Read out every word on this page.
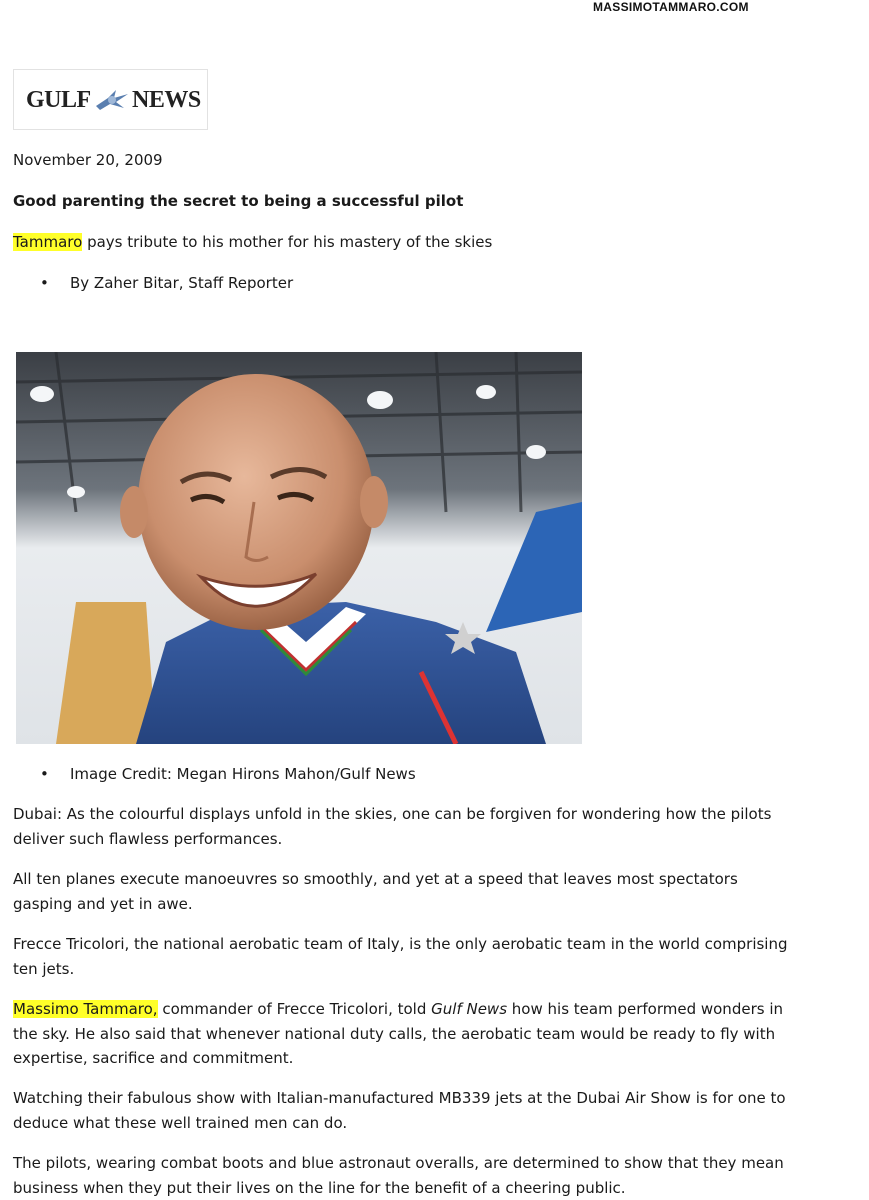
MASSIMOTAMMARO.COM
GULF NEWS
November 20, 2009
Good parenting the secret to being a successful pilot
Tammaro pays tribute to his mother for his mastery of the skies
• By Zaher Bitar, Staff Reporter
• Image Credit: Megan Hirons Mahon/Gulf News
Dubai: As the colourful displays unfold in the skies, one can be forgiven for wondering how the pilots deliver such flawless performances.
All ten planes execute manoeuvres so smoothly, and yet at a speed that leaves most spectators gasping and yet in awe.
Frecce Tricolori, the national aerobatic team of Italy, is the only aerobatic team in the world comprising ten jets.
Massimo Tammaro, commander of Frecce Tricolori, told Gulf News how his team performed wonders in the sky. He also said that whenever national duty calls, the aerobatic team would be ready to fly with expertise, sacrifice and commitment.
Watching their fabulous show with Italian-manufactured MB339 jets at the Dubai Air Show is for one to deduce what these well trained men can do.
The pilots, wearing combat boots and blue astronaut overalls, are determined to show that they mean business when they put their lives on the line for the benefit of a cheering public.
